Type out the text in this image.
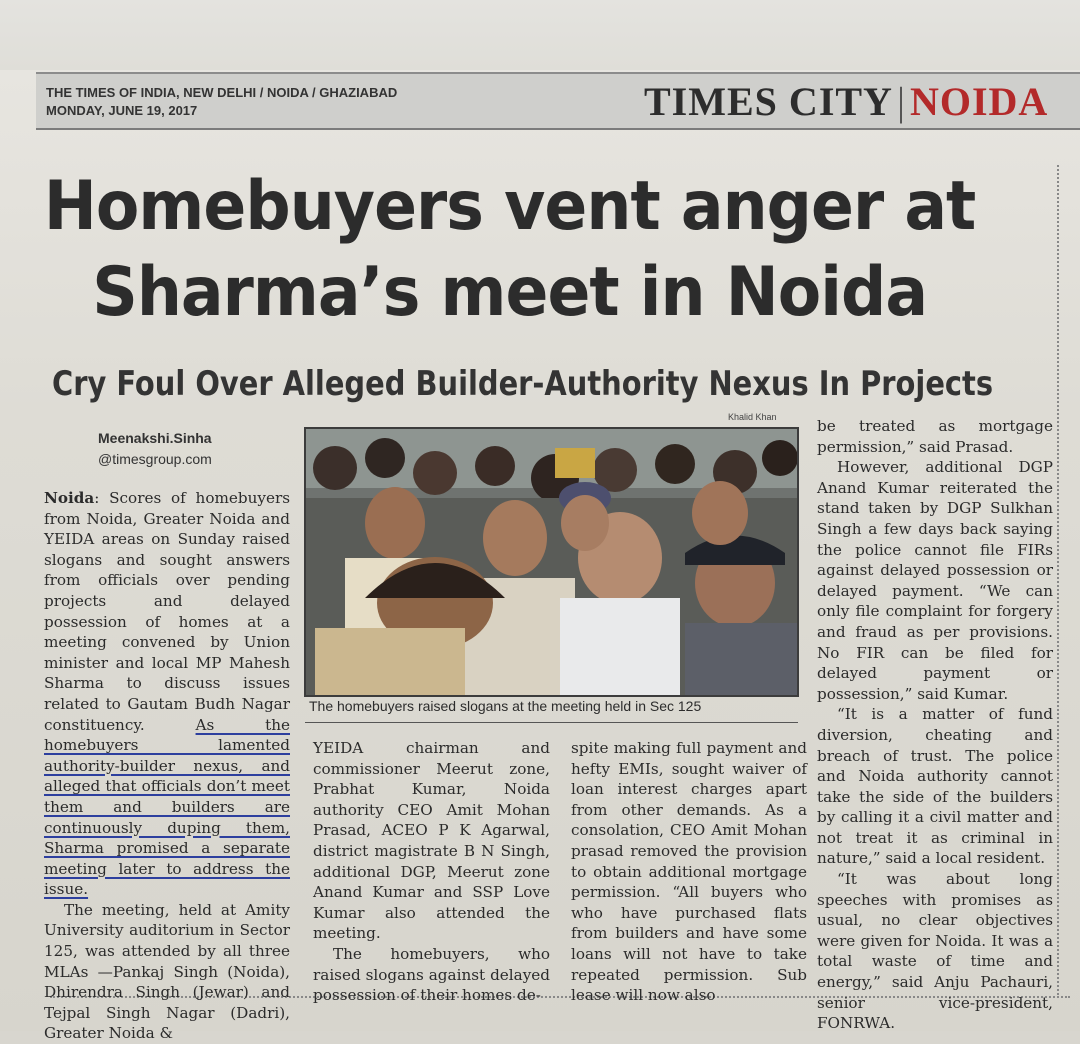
THE TIMES OF INDIA, NEW DELHI / NOIDA / GHAZIABAD
MONDAY, JUNE 19, 2017	TIMES CITY | NOIDA
Homebuyers vent anger at
Sharma’s meet in Noida
Cry Foul Over Alleged Builder-Authority Nexus In Projects
Meenakshi.Sinha
@timesgroup.com

Noida: Scores of homebuyers from Noida, Greater Noida and YEIDA areas on Sunday raised slogans and sought answers from officials over pending projects and delayed possession of homes at a meeting convened by Union minister and local MP Mahesh Sharma to discuss issues related to Gautam Budh Nagar constituency. As the homebuyers lamented authority-builder nexus, and alleged that officials don’t meet them and builders are continuously duping them, Sharma promised a separate meeting later to address the issue.

The meeting, held at Amity University auditorium in Sector 125, was attended by all three MLAs —Pankaj Singh (Noida), Dhirendra Singh (Jewar) and Tejpal Singh Nagar (Dadri), Greater Noida &

Khalid Khan
The homebuyers raised slogans at the meeting held in Sec 125

YEIDA chairman and commissioner Meerut zone, Prabhat Kumar, Noida authority CEO Amit Mohan Prasad, ACEO P K Agarwal, district magistrate B N Singh, additional DGP, Meerut zone Anand Kumar and SSP Love Kumar also attended the meeting.

The homebuyers, who raised slogans against delayed possession of their homes de-

spite making full payment and hefty EMIs, sought waiver of loan interest charges apart from other demands. As a consolation, CEO Amit Mohan prasad removed the provision to obtain additional mortgage permission. “All buyers who who have purchased flats from builders and have some loans will not have to take repeated permission. Sub lease will now also

be treated as mortgage permission,” said Prasad.

However, additional DGP Anand Kumar reiterated the stand taken by DGP Sulkhan Singh a few days back saying the police cannot file FIRs against delayed possession or delayed payment. “We can only file complaint for forgery and fraud as per provisions. No FIR can be filed for delayed payment or possession,” said Kumar.

“It is a matter of fund diversion, cheating and breach of trust. The police and Noida authority cannot take the side of the builders by calling it a civil matter and not treat it as criminal in nature,” said a local resident.

“It was about long speeches with promises as usual, no clear objectives were given for Noida. It was a total waste of time and energy,” said Anju Pachauri, senior vice-president, FONRWA.
